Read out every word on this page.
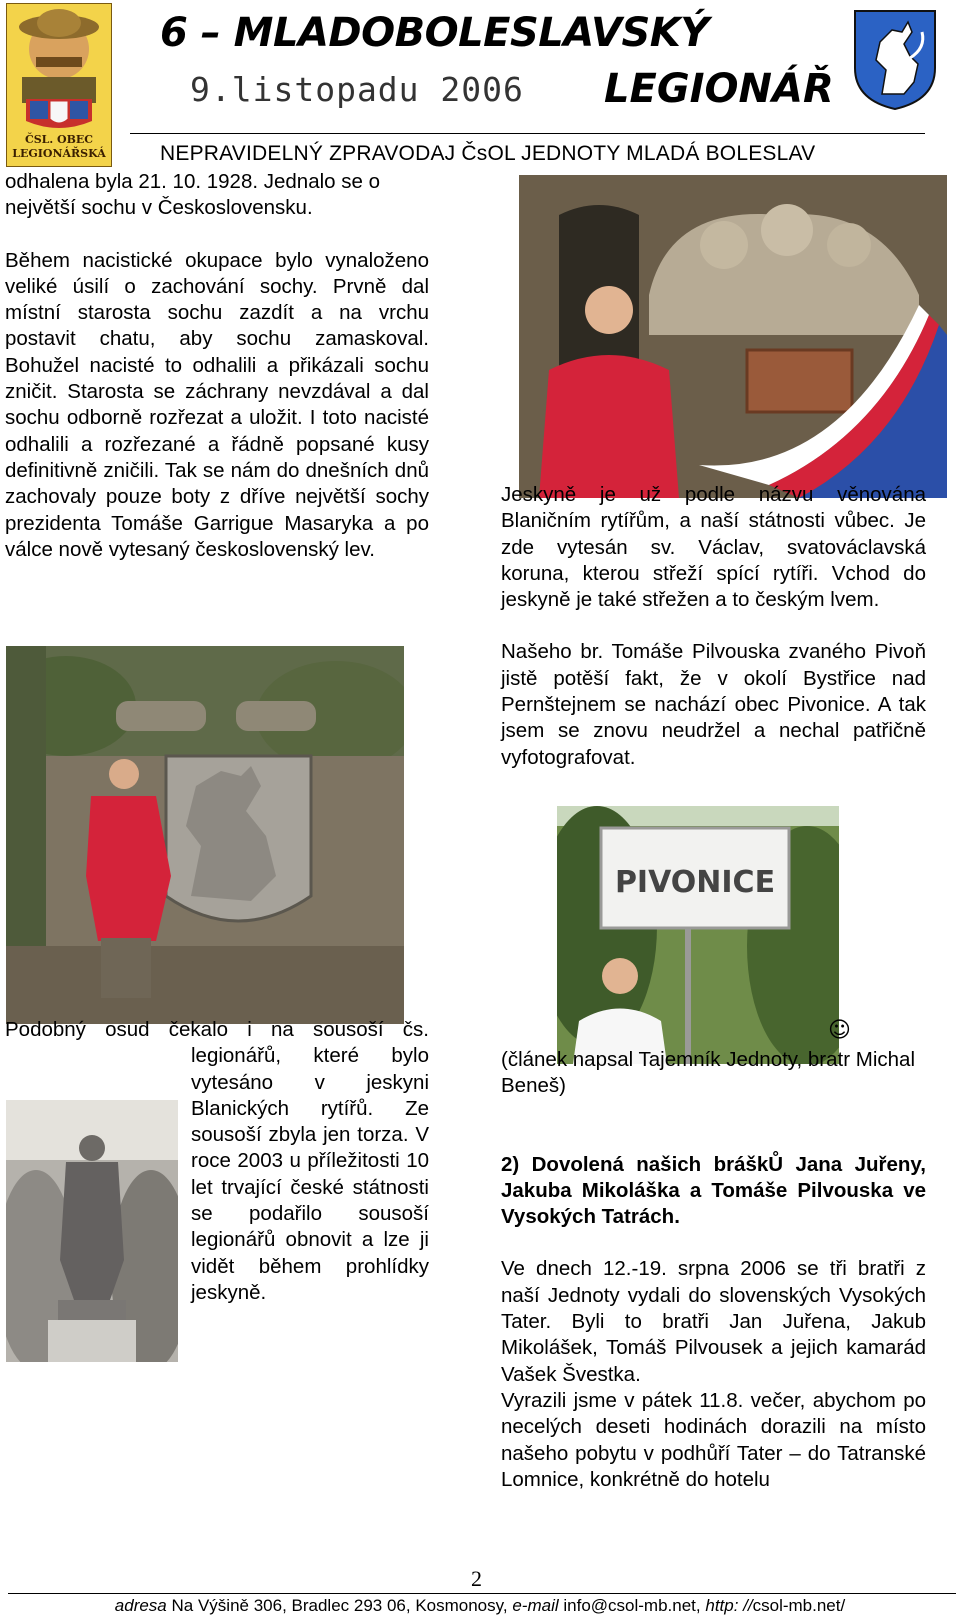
ČSL. OBEC LEGIONÁŘSKÁ
6 – MLADOBOLESLAVSKÝ
9.listopadu 2006 LEGIONÁŘ
NEPRAVIDELNÝ ZPRAVODAJ ČsOL JEDNOTY MLADÁ BOLESLAV

odhalena byla 21. 10. 1928. Jednalo se o

největší sochu v Československu.

Během nacistické okupace bylo vynaloženo veliké úsilí o zachování sochy. Prvně dal místní starosta sochu zazdít a na vrchu postavit chatu, aby sochu zamaskoval. Bohužel nacisté to odhalili a přikázali sochu zničit. Starosta se záchrany nevzdával a dal sochu odborně rozřezat a uložit. I toto nacisté odhalili a rozřezané a řádně popsané kusy definitivně zničili. Tak se nám do dnešních dnů zachovaly pouze boty z dříve největší sochy prezidenta Tomáše Garrigue Masaryka a po válce nově vytesaný československý lev.

Podobný osud čekalo i na sousoší čs.

legionářů, které bylo vytesáno v jeskyni Blanických rytířů. Ze sousoší zbyla jen torza. V roce 2003 u příležitosti 10 let trvající české státnosti se podařilo sousoší legionářů obnovit a lze ji vidět během prohlídky jeskyně.

Jeskyně je už podle názvu věnována Blaničním rytířům, a naší státnosti vůbec. Je zde vytesán sv. Václav, svatováclavská koruna, kterou střeží spící rytíři. Vchod do jeskyně je také střežen a to českým lvem.

Našeho br. Tomáše Pilvouska zvaného Pivoň jistě potěší fakt, že v okolí Bystřice nad Pernštejnem se nachází obec Pivonice. A tak jsem se znovu neudržel a nechal patřičně vyfotografovat.

PIVONICE
☺

(článek napsal Tajemník Jednoty, bratr Michal Beneš)

2) Dovolená našich bráškŮ Jana Juřeny, Jakuba Mikoláška a Tomáše Pilvouska ve Vysokých Tatrách.

Ve dnech 12.-19. srpna 2006 se tři bratři z naší Jednoty vydali do slovenských Vysokých Tater. Byli to bratři Jan Juřena, Jakub Mikolášek, Tomáš Pilvousek a jejich kamarád Vašek Švestka.

Vyrazili jsme v pátek 11.8. večer, abychom po necelých deseti hodinách dorazili na místo našeho pobytu v podhůří Tater – do Tatranské Lomnice, konkrétně do hotelu

2
adresa Na Výšině 306, Bradlec 293 06, Kosmonosy, e-mail info@csol-mb.net, http: //csol-mb.net/
